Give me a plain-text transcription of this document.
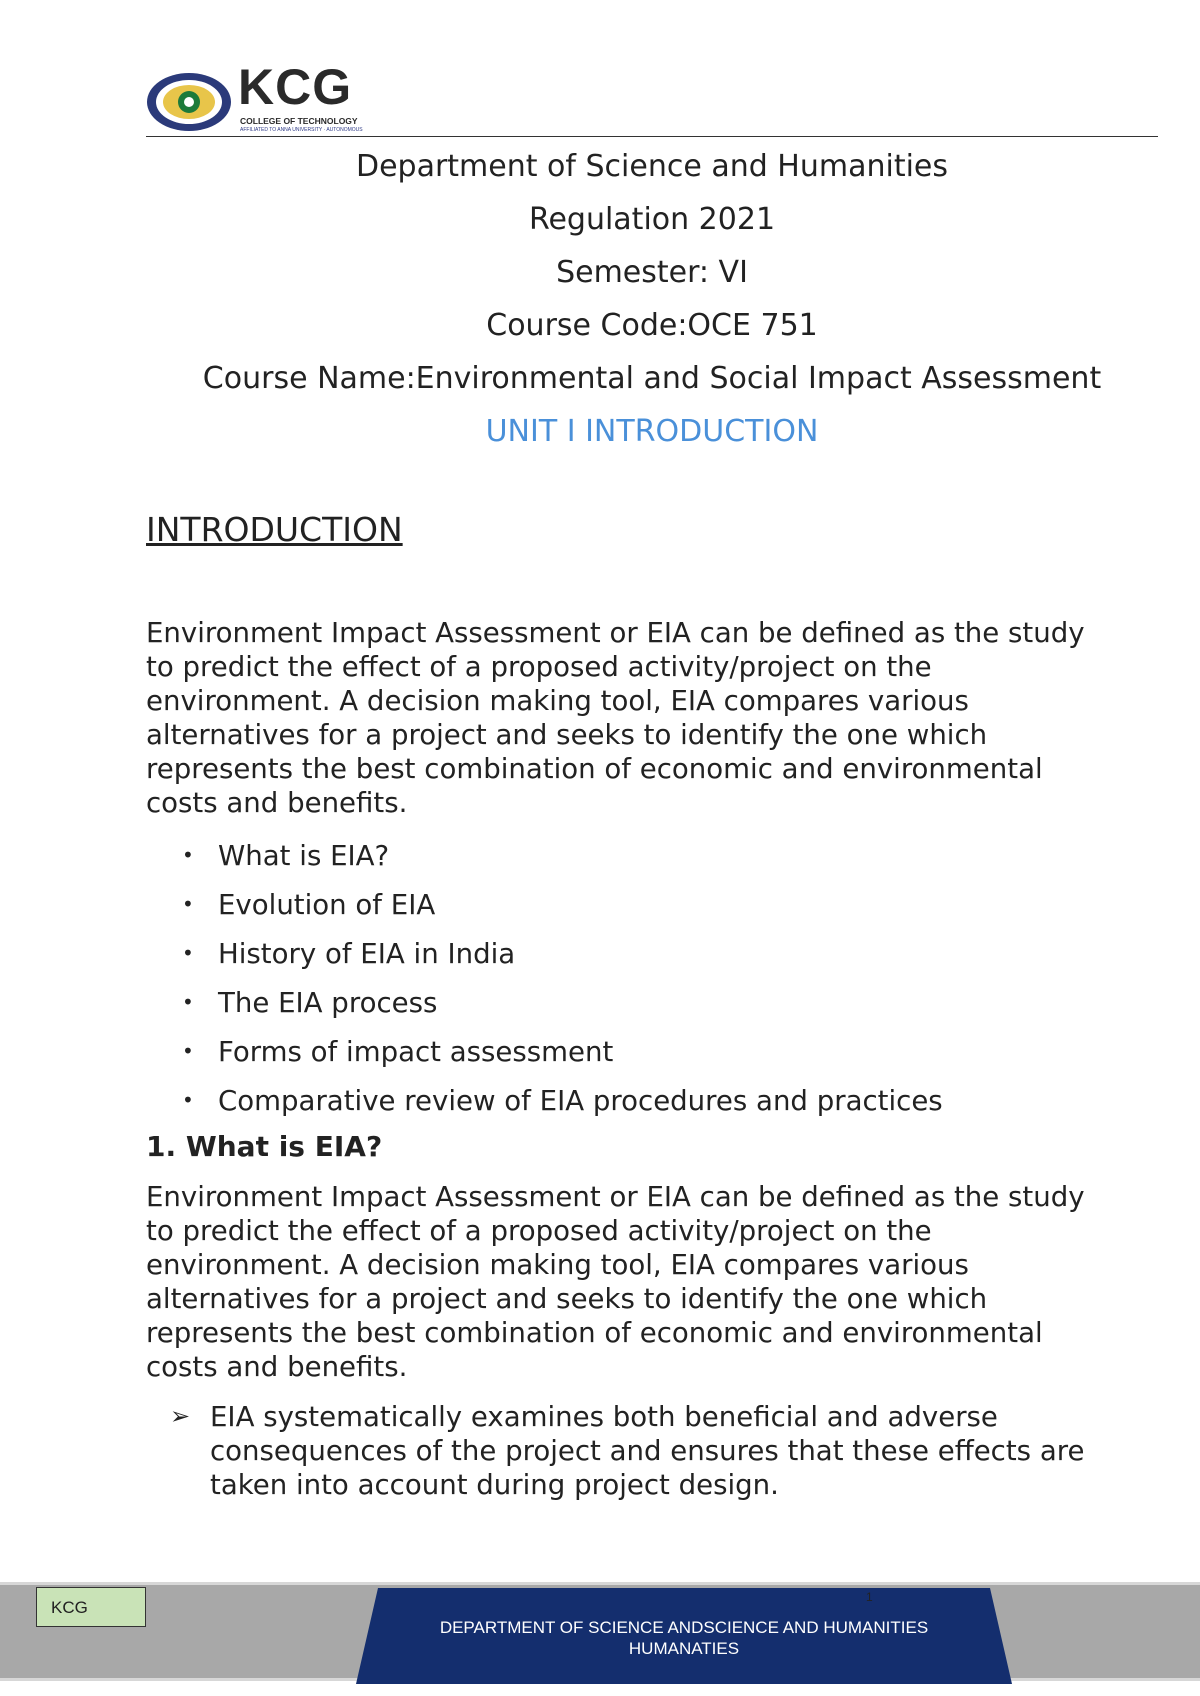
KCG
COLLEGE OF TECHNOLOGY
AFFILIATED TO ANNA UNIVERSITY · AUTONOMOUS
Department of Science and Humanities
Regulation 2021
Semester: VI
Course Code:OCE 751
Course Name:Environmental and Social Impact Assessment
UNIT I INTRODUCTION
INTRODUCTION
Environment Impact Assessment or EIA can be defined as the study
to predict the effect of a proposed activity/project on the
environment. A decision making tool, EIA compares various
alternatives for a project and seeks to identify the one which
represents the best combination of economic and environmental
costs and benefits.
• What is EIA?
• Evolution of EIA
• History of EIA in India
• The EIA process
• Forms of impact assessment
• Comparative review of EIA procedures and practices
1. What is EIA?
Environment Impact Assessment or EIA can be defined as the study
to predict the effect of a proposed activity/project on the
environment. A decision making tool, EIA compares various
alternatives for a project and seeks to identify the one which
represents the best combination of economic and environmental
costs and benefits.
➢ EIA systematically examines both beneficial and adverse
consequences of the project and ensures that these effects are
taken into account during project design.
KCG
1
DEPARTMENT OF SCIENCE ANDSCIENCE AND HUMANITIES
HUMANATIES
